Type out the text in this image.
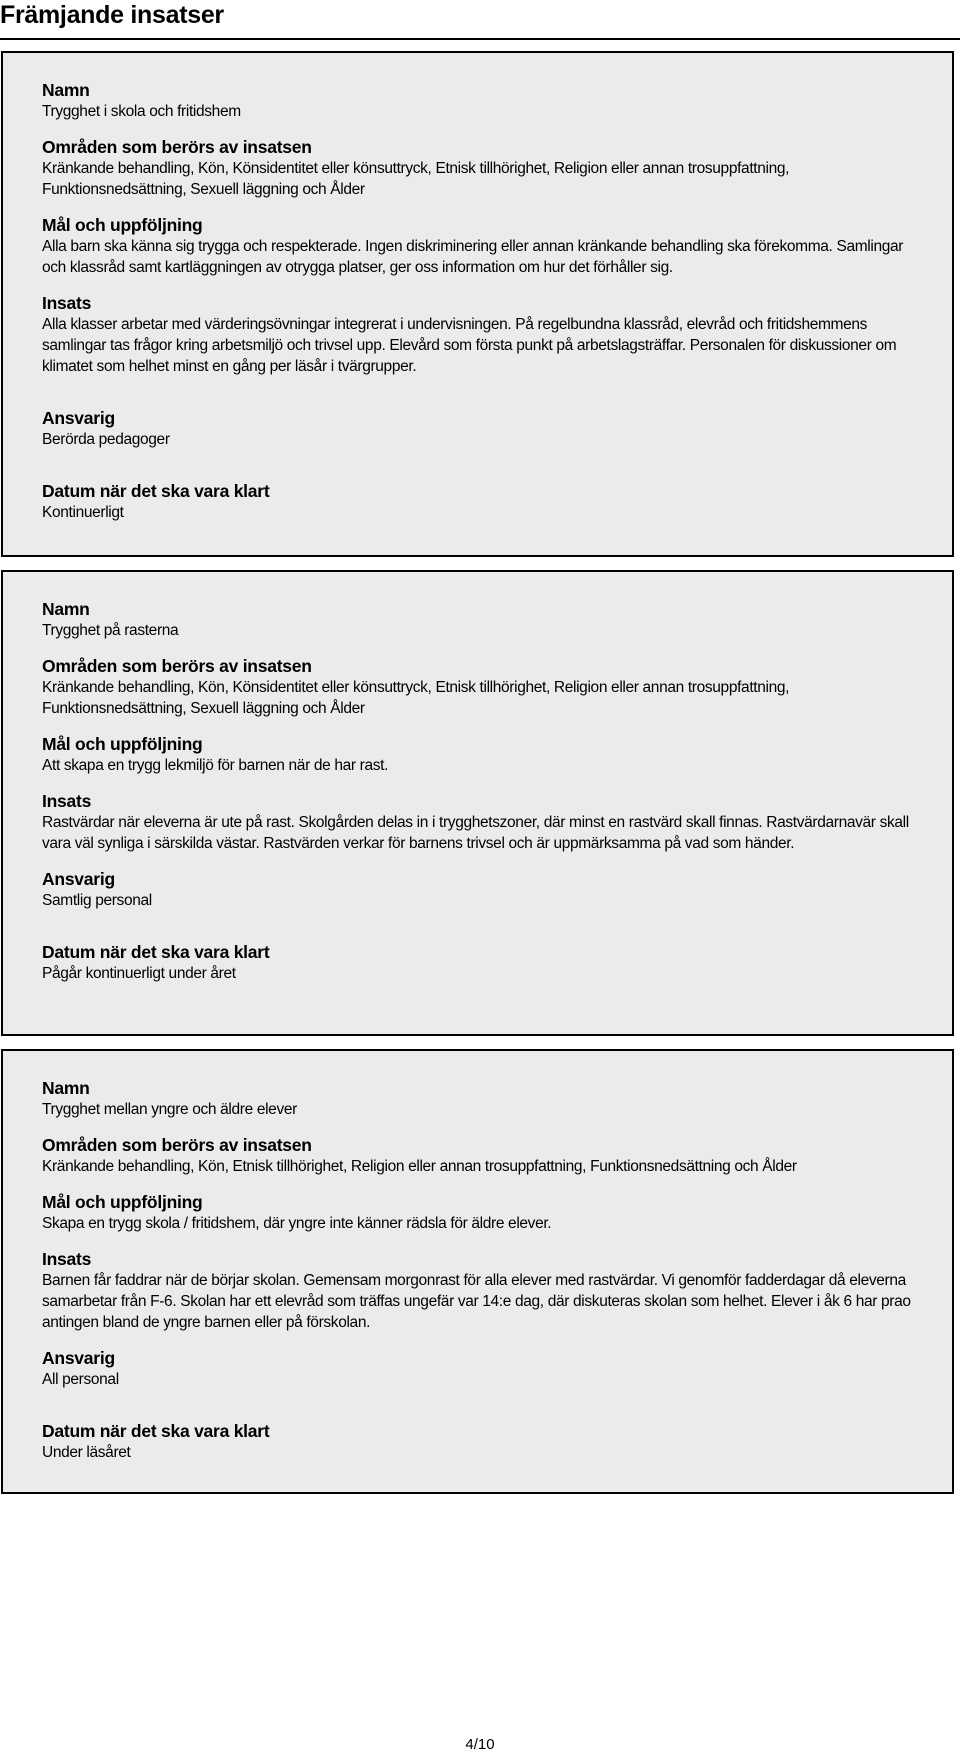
Främjande insatser
Namn
Trygghet i skola och fritidshem
Områden som berörs av insatsen
Kränkande behandling, Kön, Könsidentitet eller könsuttryck, Etnisk tillhörighet, Religion eller annan trosuppfattning, Funktionsnedsättning, Sexuell läggning och Ålder
Mål och uppföljning
Alla barn ska känna sig trygga och respekterade. Ingen diskriminering eller annan kränkande behandling ska förekomma. Samlingar och klassråd samt kartläggningen av otrygga platser, ger oss information om hur det förhåller sig.
Insats
Alla klasser arbetar med värderingsövningar integrerat i undervisningen. På regelbundna klassråd, elevråd och fritidshemmens samlingar tas frågor kring arbetsmiljö och trivsel upp. Elevård som första punkt på arbetslagsträffar. Personalen för diskussioner om klimatet som helhet minst en gång per läsår i tvärgrupper.
Ansvarig
Berörda pedagoger
Datum när det ska vara klart
Kontinuerligt
Namn
Trygghet på rasterna
Områden som berörs av insatsen
Kränkande behandling, Kön, Könsidentitet eller könsuttryck, Etnisk tillhörighet, Religion eller annan trosuppfattning, Funktionsnedsättning, Sexuell läggning och Ålder
Mål och uppföljning
Att skapa en trygg lekmiljö för barnen när de har rast.
Insats
Rastvärdar när eleverna är ute på rast. Skolgården delas in i trygghetszoner, där minst en rastvärd skall finnas. Rastvärdarnavär skall vara väl synliga i särskilda västar. Rastvärden verkar för barnens trivsel och är uppmärksamma på vad som händer.
Ansvarig
Samtlig personal
Datum när det ska vara klart
Pågår kontinuerligt under året
Namn
Trygghet mellan yngre och äldre elever
Områden som berörs av insatsen
Kränkande behandling, Kön, Etnisk tillhörighet, Religion eller annan trosuppfattning, Funktionsnedsättning och Ålder
Mål och uppföljning
Skapa en trygg skola / fritidshem, där yngre inte känner rädsla för äldre elever.
Insats
Barnen får faddrar när de börjar skolan. Gemensam morgonrast för alla elever med rastvärdar. Vi genomför fadderdagar då eleverna samarbetar från F-6. Skolan har ett elevråd som träffas ungefär var 14:e dag, där diskuteras skolan som helhet. Elever i åk 6 har prao antingen bland de yngre barnen eller på förskolan.
Ansvarig
All personal
Datum när det ska vara klart
Under läsåret
4/10
